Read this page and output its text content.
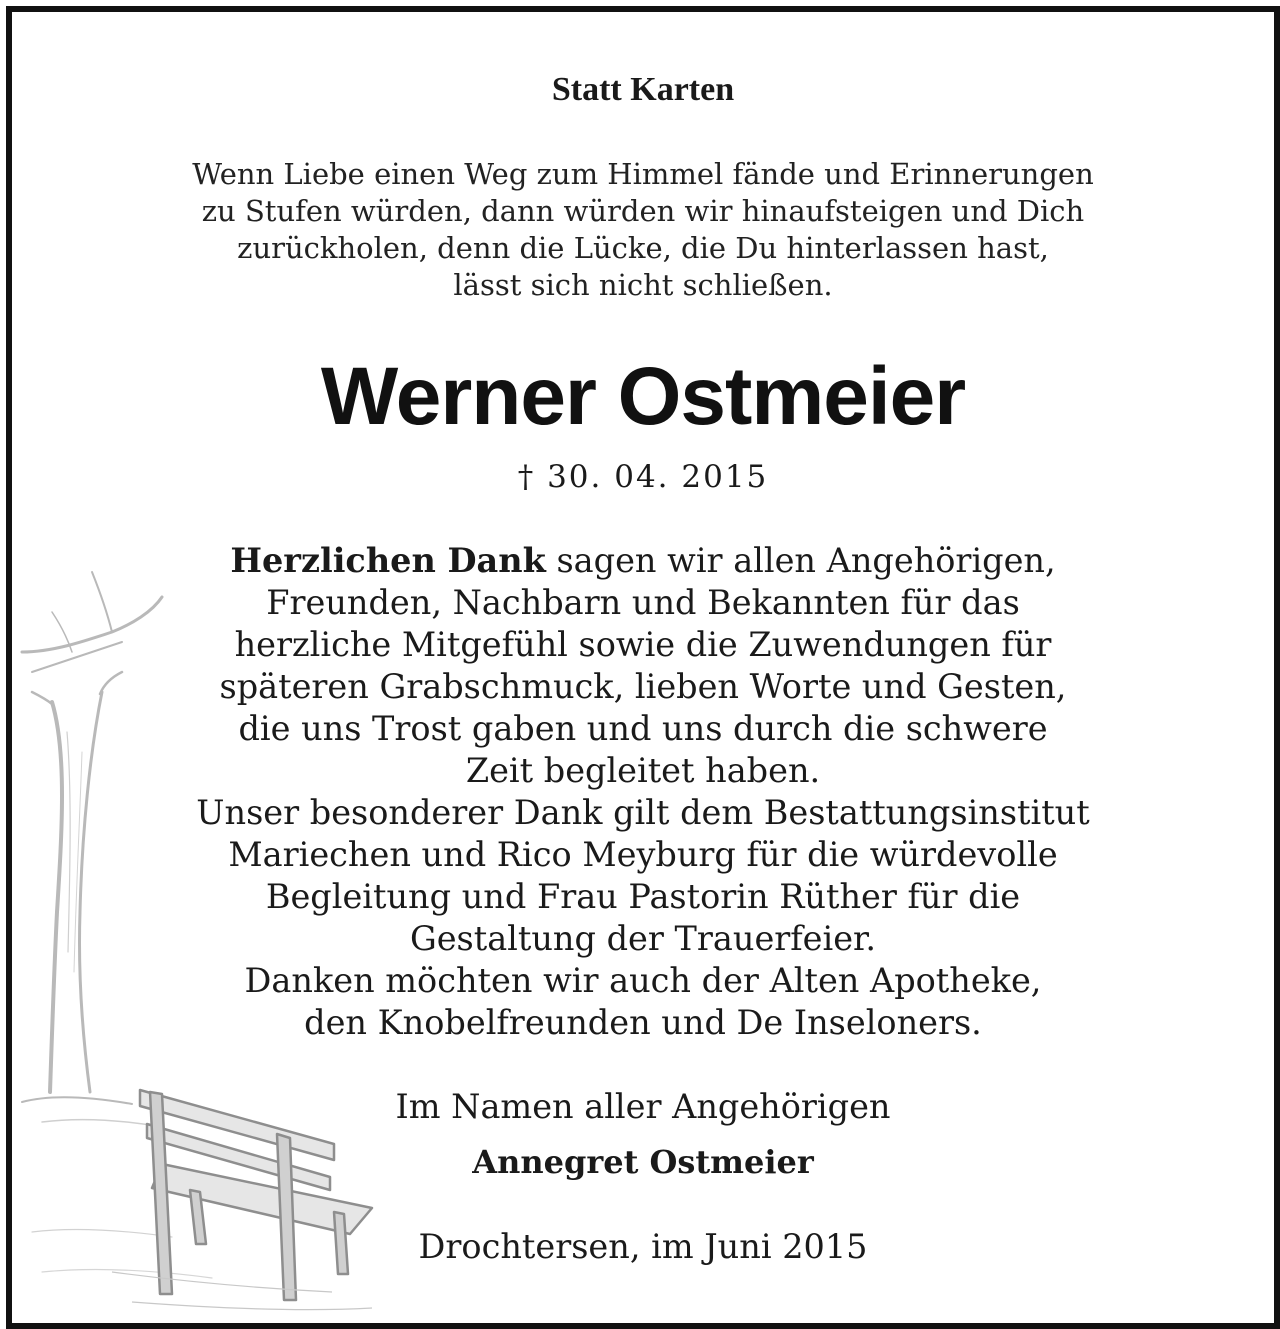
Statt Karten
Wenn Liebe einen Weg zum Himmel fände und Erinnerungen
zu Stufen würden, dann würden wir hinaufsteigen und Dich
zurückholen, denn die Lücke, die Du hinterlassen hast,
lässt sich nicht schließen.
Werner Ostmeier
† 30. 04. 2015
Herzlichen Dank sagen wir allen Angehörigen,
Freunden, Nachbarn und Bekannten für das
herzliche Mitgefühl sowie die Zuwendungen für
späteren Grabschmuck, lieben Worte und Gesten,
die uns Trost gaben und uns durch die schwere
Zeit begleitet haben.
Unser besonderer Dank gilt dem Bestattungsinstitut
Mariechen und Rico Meyburg für die würdevolle
Begleitung und Frau Pastorin Rüther für die
Gestaltung der Trauerfeier.
Danken möchten wir auch der Alten Apotheke,
den Knobelfreunden und De Inseloners.
Im Namen aller Angehörigen
Annegret Ostmeier
Drochtersen, im Juni 2015
